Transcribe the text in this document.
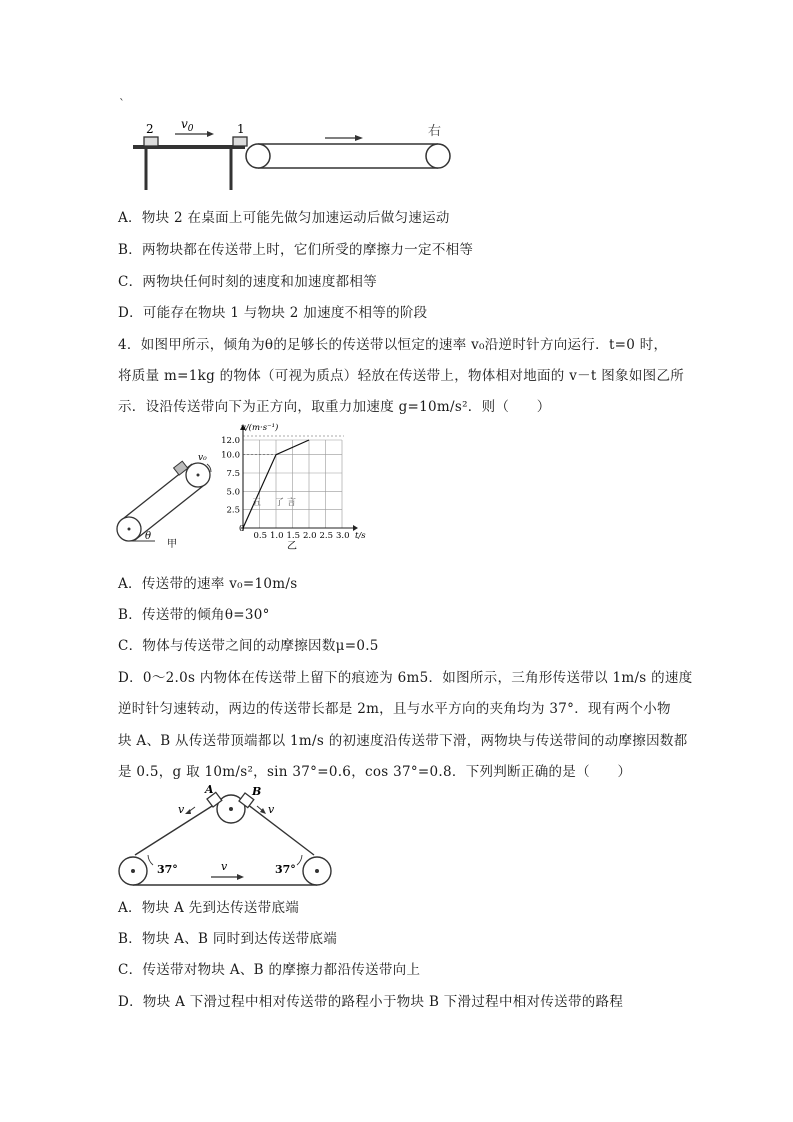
`
2	1
$v_0$	右
A．物块 2 在桌面上可能先做匀加速运动后做匀速运动
B．两物块都在传送带上时，它们所受的摩擦力一定不相等
C．两物块任何时刻的速度和加速度都相等
D．可能存在物块 1 与物块 2 加速度不相等的阶段
4．如图甲所示，倾角为θ的足够长的传送带以恒定的速率 v₀沿逆时针方向运行．t=0 时，
将质量 m=1kg 的物体（可视为质点）轻放在传送带上，物体相对地面的 v－t 图象如图乙所
示．设沿传送带向下为正方向，取重力加速度 g=10m/s²．则（　　）
v₀
θ
甲
0.5 1.0 1.5 2.0 2.5 3.0
2.5
5.0
7.5
10.0
12.0
v/(m·s⁻¹)
t/s
0
乙
五 了 言
A．传送带的速率 v₀=10m/s
B．传送带的倾角θ=30°
C．物体与传送带之间的动摩擦因数μ=0.5
D．0～2.0s 内物体在传送带上留下的痕迹为 6m5．如图所示，三角形传送带以 1m/s 的速度
逆时针匀速转动，两边的传送带长都是 2m，且与水平方向的夹角均为 37°．现有两个小物
块 A、B 从传送带顶端都以 1m/s 的初速度沿传送带下滑，两物块与传送带间的动摩擦因数都
是 0.5，g 取 10m/s²，sin 37°=0.6，cos 37°=0.8．下列判断正确的是（　　）
A	B
v	v
37°	37°
v
A．物块 A 先到达传送带底端
B．物块 A、B 同时到达传送带底端
C．传送带对物块 A、B 的摩擦力都沿传送带向上
D．物块 A 下滑过程中相对传送带的路程小于物块 B 下滑过程中相对传送带的路程
